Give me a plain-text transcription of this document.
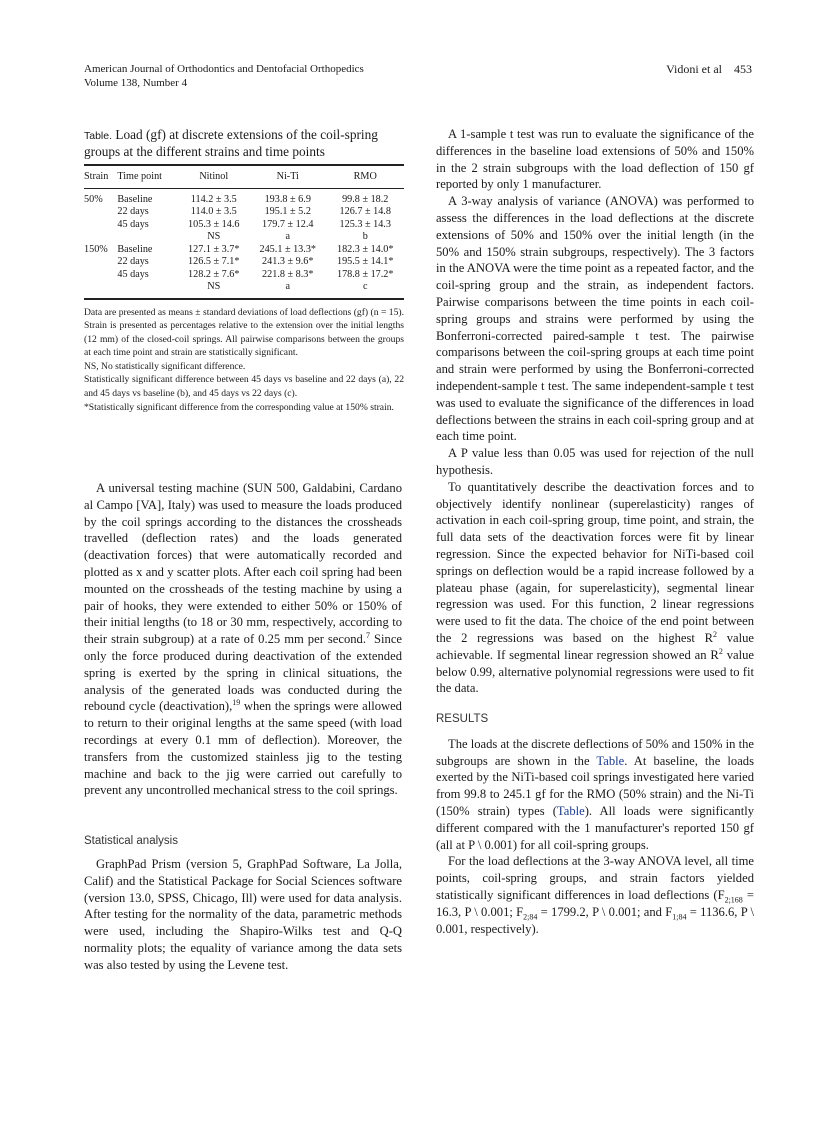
American Journal of Orthodontics and Dentofacial Orthopedics
Volume 138, Number 4
Vidoni et al 453
Table. Load (gf) at discrete extensions of the coil-spring groups at the different strains and time points
Strain	Time point	Nitinol	Ni-Ti	RMO
50%	Baseline	114.2 ± 3.5	193.8 ± 6.9	99.8 ± 18.2
	22 days	114.0 ± 3.5	195.1 ± 5.2	126.7 ± 14.8
	45 days	105.3 ± 14.6	179.7 ± 12.4	125.3 ± 14.3
		NS	a	b
150%	Baseline	127.1 ± 3.7*	245.1 ± 13.3*	182.3 ± 14.0*
	22 days	126.5 ± 7.1*	241.3 ± 9.6*	195.5 ± 14.1*
	45 days	128.2 ± 7.6*	221.8 ± 8.3*	178.8 ± 17.2*
		NS	a	c
Data are presented as means ± standard deviations of load deflections (gf) (n = 15). Strain is presented as percentages relative to the extension over the initial lengths (12 mm) of the closed-coil springs. All pairwise comparisons between the groups at each time point and strain are statistically significant.
NS, No statistically significant difference.
Statistically significant difference between 45 days vs baseline and 22 days (a), 22 and 45 days vs baseline (b), and 45 days vs 22 days (c).
*Statistically significant difference from the corresponding value at 150% strain.

A universal testing machine (SUN 500, Galdabini, Cardano al Campo [VA], Italy) was used to measure the loads produced by the coil springs according to the distances the crossheads travelled (deflection rates) and the loads generated (deactivation forces) that were automatically recorded and plotted as x and y scatter plots. After each coil spring had been mounted on the crossheads of the testing machine by using a pair of hooks, they were extended to either 50% or 150% of their initial lengths (to 18 or 30 mm, respectively, according to their strain subgroup) at a rate of 0.25 mm per second.$^7$ Since only the force produced during deactivation of the extended spring is exerted by the spring in clinical situations, the analysis of the generated loads was conducted during the rebound cycle (deactivation),$^{19}$ when the springs were allowed to return to their original lengths at the same speed (with load recordings at every 0.1 mm of deflection). Moreover, the transfers from the customized stainless jig to the testing machine and back to the jig were carried out carefully to prevent any uncontrolled mechanical stress to the coil springs.

Statistical analysis

GraphPad Prism (version 5, GraphPad Software, La Jolla, Calif) and the Statistical Package for Social Sciences software (version 13.0, SPSS, Chicago, Ill) were used for data analysis. After testing for the normality of the data, parametric methods were used, including the Shapiro-Wilks test and Q-Q normality plots; the equality of variance among the data sets was also tested by using the Levene test.

A 1-sample t test was run to evaluate the significance of the differences in the baseline load extensions of 50% and 150% in the 2 strain subgroups with the load deflection of 150 gf reported by only 1 manufacturer.

A 3-way analysis of variance (ANOVA) was performed to assess the differences in the load deflections at the discrete extensions of 50% and 150% over the initial length (in the 50% and 150% strain subgroups, respectively). The 3 factors in the ANOVA were the time point as a repeated factor, and the coil-spring group and the strain, as independent factors. Pairwise comparisons between the time points in each coil-spring groups and strains were performed by using the Bonferroni-corrected paired-sample t test. The pairwise comparisons between the coil-spring groups at each time point and strain were performed by using the Bonferroni-corrected independent-sample t test. The same independent-sample t test was used to evaluate the significance of the differences in load deflections between the strains in each coil-spring group and at each time point.

A P value less than 0.05 was used for rejection of the null hypothesis.

To quantitatively describe the deactivation forces and to objectively identify nonlinear (superelasticity) ranges of activation in each coil-spring group, time point, and strain, the full data sets of the deactivation forces were fit by linear regression. Since the expected behavior for NiTi-based coil springs on deflection would be a rapid increase followed by a plateau phase (again, for superelasticity), segmental linear regression was used. For this function, 2 linear regressions were used to fit the data. The choice of the end point between the 2 regressions was based on the highest $R^2$ value achievable. If segmental linear regression showed an $R^2$ value below 0.99, alternative polynomial regressions were used to fit the data.

RESULTS

The loads at the discrete deflections of 50% and 150% in the subgroups are shown in the Table. At baseline, the loads exerted by the NiTi-based coil springs investigated here varied from 99.8 to 245.1 gf for the RMO (50% strain) and the Ni-Ti (150% strain) types (Table). All loads were significantly different compared with the 1 manufacturer's reported 150 gf (all at P \ 0.001) for all coil-spring groups.

For the load deflections at the 3-way ANOVA level, all time points, coil-spring groups, and strain factors yielded statistically significant differences in load deflections ($F_{2;168} = 16.3$, P \ 0.001; $F_{2;84} = 1799.2$, P \ 0.001; and $F_{1;84} = 1136.6$, P \ 0.001, respectively).
